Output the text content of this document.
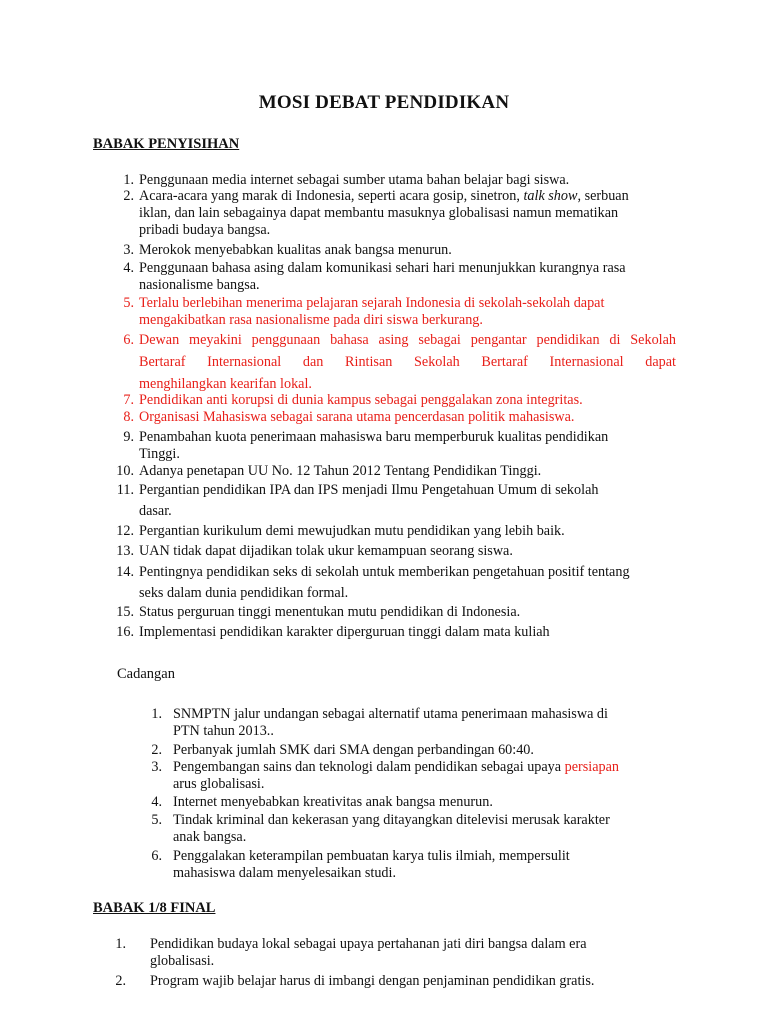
MOSI DEBAT PENDIDIKAN
BABAK PENYISIHAN
1. Penggunaan media internet sebagai sumber utama bahan belajar bagi siswa.
2. Acara-acara yang marak di Indonesia, seperti acara gosip, sinetron, talk show, serbuan
iklan, dan lain sebagainya dapat membantu masuknya globalisasi namun mematikan
pribadi budaya bangsa.
3. Merokok menyebabkan kualitas anak bangsa menurun.
4. Penggunaan bahasa asing dalam komunikasi sehari hari menunjukkan kurangnya rasa
nasionalisme bangsa.
5. Terlalu berlebihan menerima pelajaran sejarah Indonesia di sekolah-sekolah dapat
mengakibatkan rasa nasionalisme pada diri siswa berkurang.
6. Dewan meyakini penggunaan bahasa asing sebagai pengantar pendidikan di Sekolah
Bertaraf Internasional dan Rintisan Sekolah Bertaraf Internasional dapat
menghilangkan kearifan lokal.
7. Pendidikan anti korupsi di dunia kampus sebagai penggalakan zona integritas.
8. Organisasi Mahasiswa sebagai sarana utama pencerdasan politik mahasiswa.
9. Penambahan kuota penerimaan mahasiswa baru memperburuk kualitas pendidikan
Tinggi.
10. Adanya penetapan UU No. 12 Tahun 2012 Tentang Pendidikan Tinggi.
11. Pergantian pendidikan IPA dan IPS menjadi Ilmu Pengetahuan Umum di sekolah
dasar.
12. Pergantian kurikulum demi mewujudkan mutu pendidikan yang lebih baik.
13. UAN tidak dapat dijadikan tolak ukur kemampuan seorang siswa.
14. Pentingnya pendidikan seks di sekolah untuk memberikan pengetahuan positif tentang
seks dalam dunia pendidikan formal.
15. Status perguruan tinggi menentukan mutu pendidikan di Indonesia.
16. Implementasi pendidikan karakter diperguruan tinggi dalam mata kuliah
Cadangan
1. SNMPTN jalur undangan sebagai alternatif utama penerimaan mahasiswa di
PTN tahun 2013..
2. Perbanyak jumlah SMK dari SMA dengan perbandingan 60:40.
3. Pengembangan sains dan teknologi dalam pendidikan sebagai upaya persiapan
arus globalisasi.
4. Internet menyebabkan kreativitas anak bangsa menurun.
5. Tindak kriminal dan kekerasan yang ditayangkan ditelevisi merusak karakter
anak bangsa.
6. Penggalakan keterampilan pembuatan karya tulis ilmiah, mempersulit
mahasiswa dalam menyelesaikan studi.
BABAK 1/8 FINAL
1. Pendidikan budaya lokal sebagai upaya pertahanan jati diri bangsa dalam era
globalisasi.
2. Program wajib belajar harus di imbangi dengan penjaminan pendidikan gratis.
